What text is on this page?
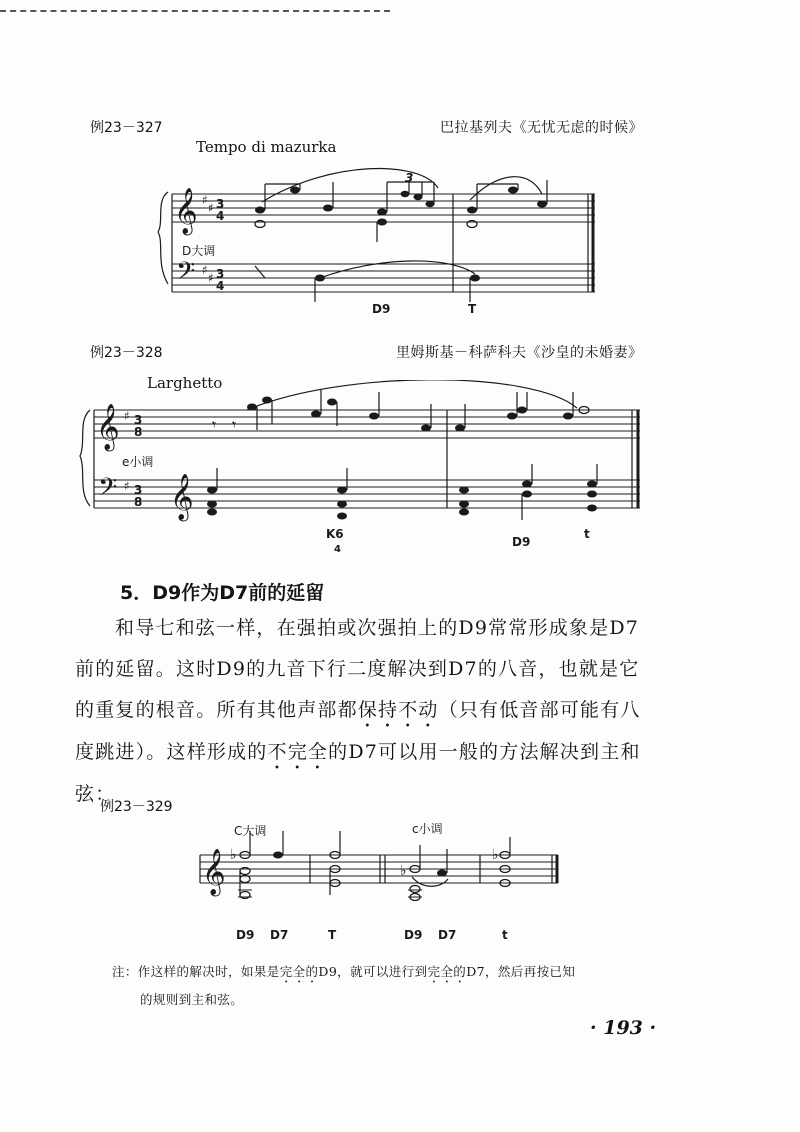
例23－327	巴拉基列夫《无忧无虑的时候》
Tempo di mazurka
𝄞
𝄢
♯
♯
♯
♯
3
4
3
4
3
D大调
D9	T
例23－328	里姆斯基－科萨科夫《沙皇的未婚妻》
Larghetto
𝄞
𝄢
♯
♯
3
8
3
8 𝄞
𝄾 𝄾
e小调
K6
4
D9
t
5．D9作为D7前的延留
和导七和弦一样，在强拍或次强拍上的D9常常形成象是D7
前的延留。这时D9的九音下行二度解决到D7的八音，也就是它
的重复的根音。所有其他声部都保持不动（只有低音部可能有八
度跳进）。这样形成的不完全的D7可以用一般的方法解决到主和
弦：
例23－329
𝄞 ♭
♭
♭
C大调	c小调
D9 D7	T	D9 D7	t
注：作这样的解决时，如果是完全的D9，就可以进行到完全的D7，然后再按已知
的规则到主和弦。
· 193 ·
